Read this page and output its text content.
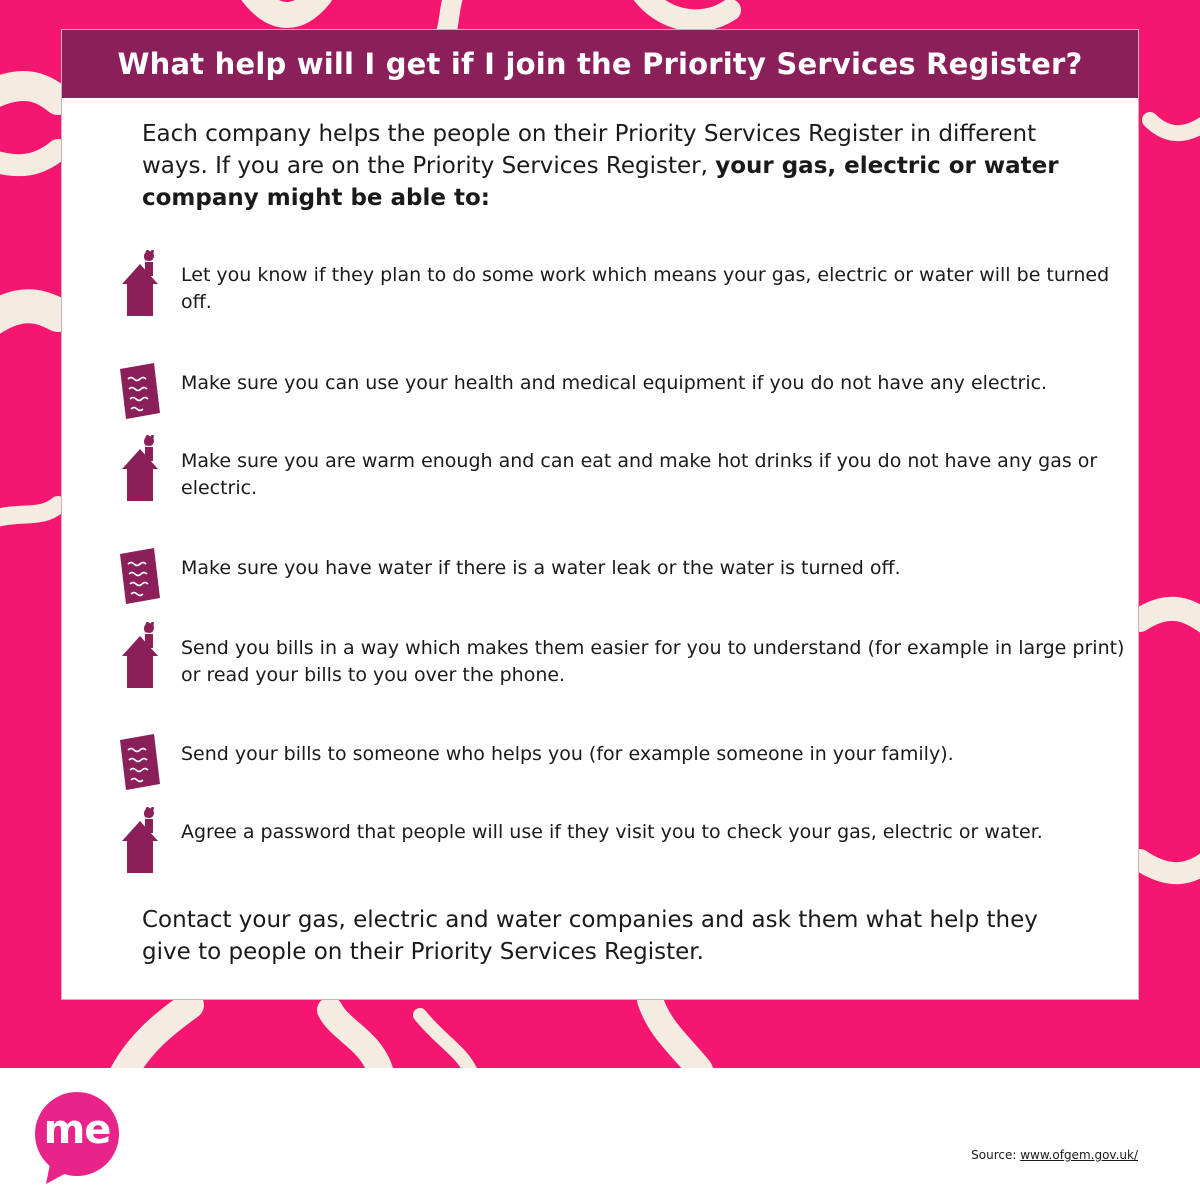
What help will I get if I join the Priority Services Register?

Each company helps the people on their Priority Services Register in different ways. If you are on the Priority Services Register, your gas, electric or water company might be able to:

Let you know if they plan to do some work which means your gas, electric or water will be turned off.

Make sure you can use your health and medical equipment if you do not have any electric.

Make sure you are warm enough and can eat and make hot drinks if you do not have any gas or electric.

Make sure you have water if there is a water leak or the water is turned off.

Send you bills in a way which makes them easier for you to understand (for example in large print) or read your bills to you over the phone.

Send your bills to someone who helps you (for example someone in your family).

Agree a password that people will use if they visit you to check your gas, electric or water.

Contact your gas, electric and water companies and ask them what help they give to people on their Priority Services Register.

me
Source: www.ofgem.gov.uk/
